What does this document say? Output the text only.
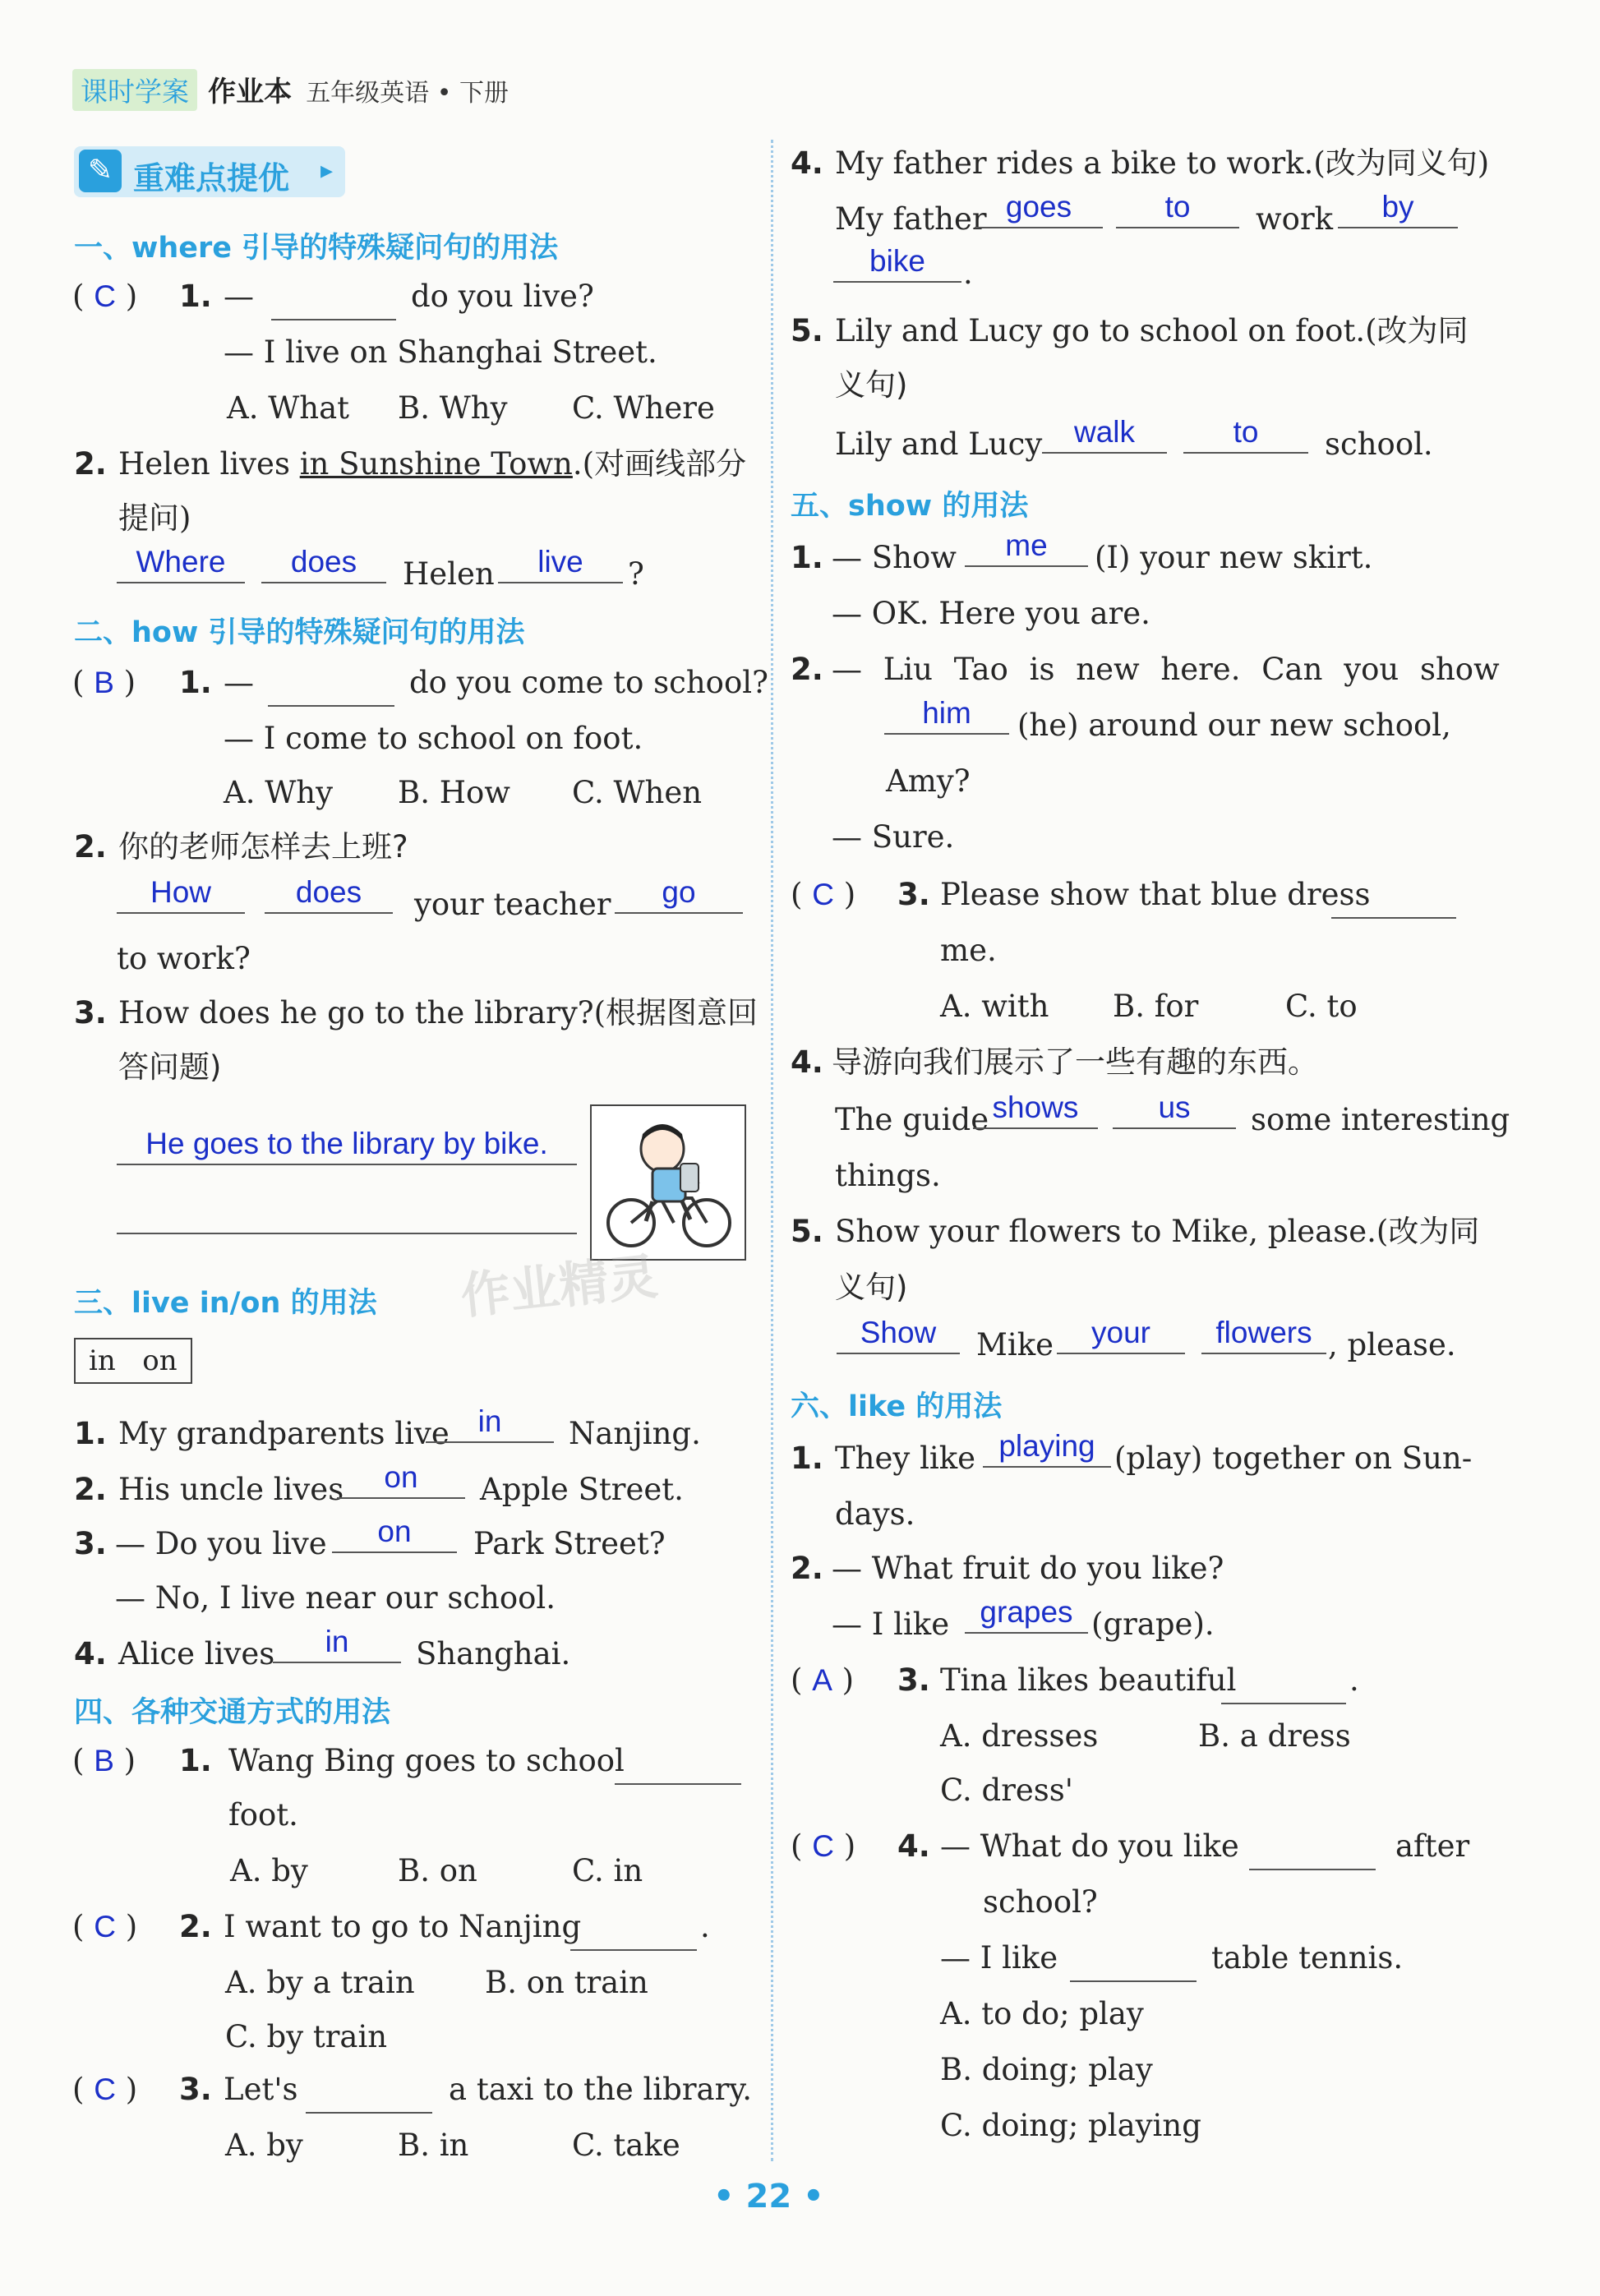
课时学案 作业本 五年级英语 • 下册
✎ 重难点提优 ▸
一、where 引导的特殊疑问句的用法
( C ) 1. —	do you live?
— I live on Shanghai Street.
A. What B. Why C. Where
2. Helen lives in Sunshine Town.(对画线部分
提问)
Where	does	Helen	live	?
二、how 引导的特殊疑问句的用法
( B ) 1. —	do you come to school?
— I come to school on foot.
A. Why B. How C. When
2. 你的老师怎样去上班?
How	does	your teacher	go
to work?
3. How does he go to the library?(根据图意回
答问题)
He goes to the library by bike.
作业精灵
三、live in/on 的用法
in on
1. My grandparents live in	Nanjing.
2. His uncle lives	on	Apple Street.
3. — Do you live	on	Park Street?
— No, I live near our school.
4. Alice lives	in	Shanghai.
四、各种交通方式的用法
( B ) 1. Wang Bing goes to school
foot.
A. by	B. on	C. in
( C ) 2. I want to go to Nanjing	.
A. by a train B. on train
C. by train
( C ) 3. Let's	a taxi to the library.
A. by	B. in	C. take
4. My father rides a bike to work.(改为同义句)
My father goes	to	work	by
bike	.
5. Lily and Lucy go to school on foot.(改为同
义句)
Lily and Lucy	walk	to	school.
五、show 的用法
1. — Show	me	(I) your new skirt.
— OK. Here you are.
2. — Liu Tao is new here. Can you show
him	(he) around our new school,
Amy?
— Sure.
( C ) 3. Please show that blue dress
me.
A. with B. for	C. to
4. 导游向我们展示了一些有趣的东西。
The guide shows	us	some interesting
things.
5. Show your flowers to Mike, please.(改为同
义句)
Show	Mike	your	flowers , please.
六、like 的用法
1. They like playing (play) together on Sun-
days.
2. — What fruit do you like?
— I like	grapes (grape).
( A ) 3. Tina likes beautiful	.
A. dresses	B. a dress
C. dress'
( C ) 4. — What do you like	after
school?
— I like	table tennis.
A. to do; play
B. doing; play
C. doing; playing
• 22 •
